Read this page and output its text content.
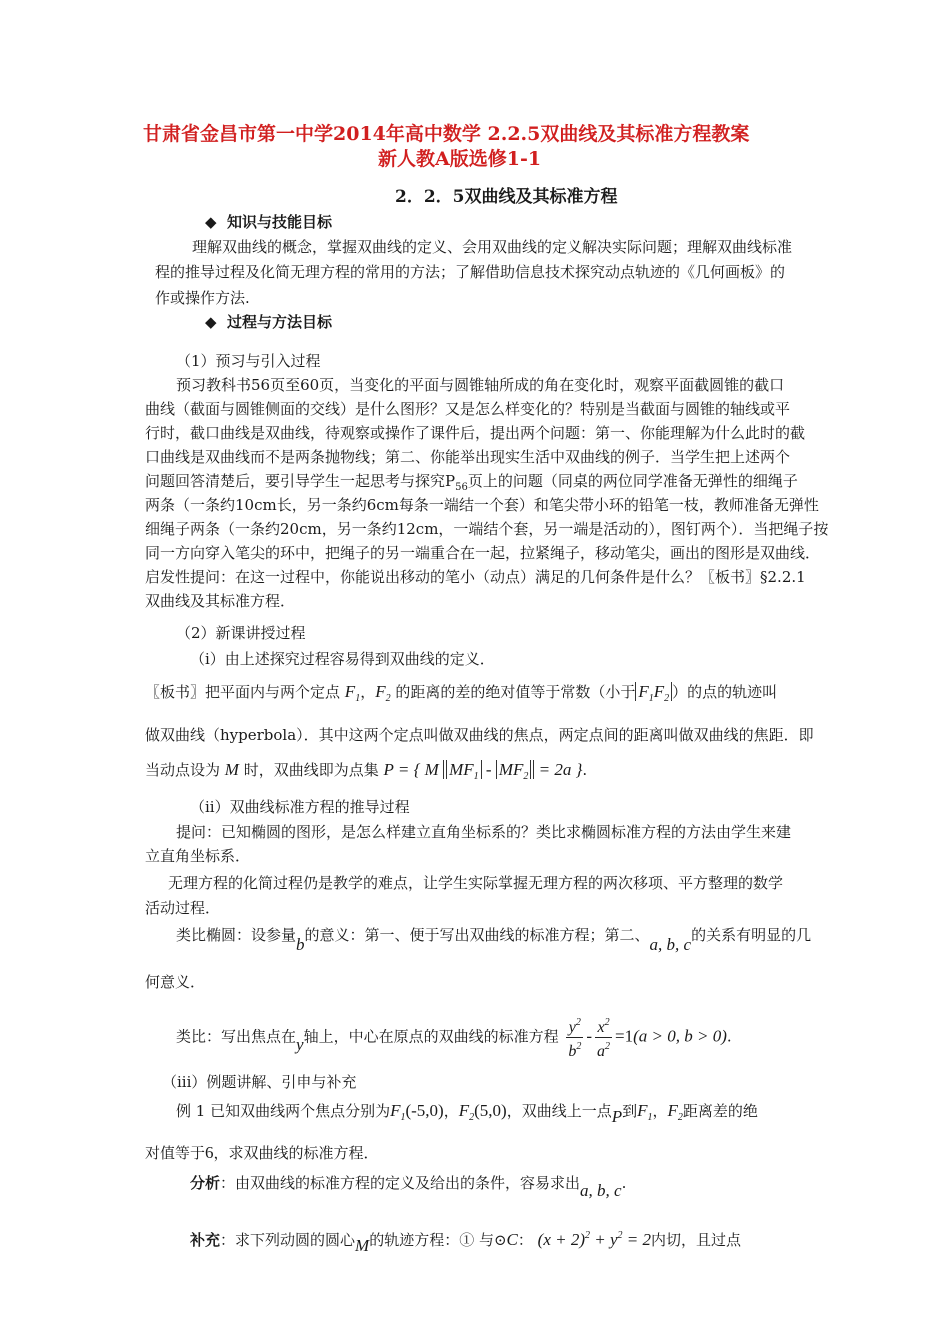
甘肃省金昌市第一中学2014年高中数学 2.2.5双曲线及其标准方程教案
新人教A版选修1-1
2．2．5双曲线及其标准方程
◆ 知识与技能目标
理解双曲线的概念，掌握双曲线的定义、会用双曲线的定义解决实际问题；理解双曲线标准
程的推导过程及化简无理方程的常用的方法；了解借助信息技术探究动点轨迹的《几何画板》的
作或操作方法.
◆ 过程与方法目标
（1）预习与引入过程
预习教科书56页至60页，当变化的平面与圆锥轴所成的角在变化时，观察平面截圆锥的截口
曲线（截面与圆锥侧面的交线）是什么图形？又是怎么样变化的？特别是当截面与圆锥的轴线或平
行时，截口曲线是双曲线，待观察或操作了课件后，提出两个问题：第一、你能理解为什么此时的截
口曲线是双曲线而不是两条抛物线；第二、你能举出现实生活中双曲线的例子．当学生把上述两个
问题回答清楚后，要引导学生一起思考与探究$P_{56}$页上的问题（同桌的两位同学准备无弹性的细绳子
两条（一条约10cm长，另一条约6cm每条一端结一个套）和笔尖带小环的铅笔一枝，教师准备无弹性
细绳子两条（一条约20cm，另一条约12cm，一端结个套，另一端是活动的），图钉两个）．当把绳子按
同一方向穿入笔尖的环中，把绳子的另一端重合在一起，拉紧绳子，移动笔尖，画出的图形是双曲线．
启发性提问：在这一过程中，你能说出移动的笔小（动点）满足的几何条件是什么？〖板书〗§2.2.1
双曲线及其标准方程．
（2）新课讲授过程
（i）由上述探究过程容易得到双曲线的定义．
〖板书〗把平面内与两个定点 $F_1$，$F_2$ 的距离的差的绝对值等于常数（小于 $F_1F_2$ ）的点的轨迹叫
做双曲线（hyperbola）．其中这两个定点叫做双曲线的焦点，两定点间的距离叫做双曲线的焦距．即
当动点设为 M 时，双曲线即为点集 P = { M $MF_1 - MF_2 = 2a$ }.
（ii）双曲线标准方程的推导过程
提问：已知椭圆的图形，是怎么样建立直角坐标系的？类比求椭圆标准方程的方法由学生来建
立直角坐标系．
无理方程的化简过程仍是教学的难点，让学生实际掌握无理方程的两次移项、平方整理的数学
活动过程．
类比椭圆：设参量b的意义：第一、便于写出双曲线的标准方程；第二、a, b, c的关系有明显的几
何意义．
类比：写出焦点在y轴上，中心在原点的双曲线的标准方程 $\frac{y^2}{b^2} - \frac{x^2}{a^2} =1(a > 0$, b > 0).
（iii）例题讲解、引申与补充
例 1 已知双曲线两个焦点分别为$F_1(-5,0)$，$F_2(5,0)$，双曲线上一点P到$F_1$，$F_2$距离差的绝
对值等于6，求双曲线的标准方程．
分析：由双曲线的标准方程的定义及给出的条件，容易求出a, b, c.
补充：求下列动圆的圆心M的轨迹方程：① 与⊙C： $(x + 2)^2 + y^2 = 2$内切，且过点
